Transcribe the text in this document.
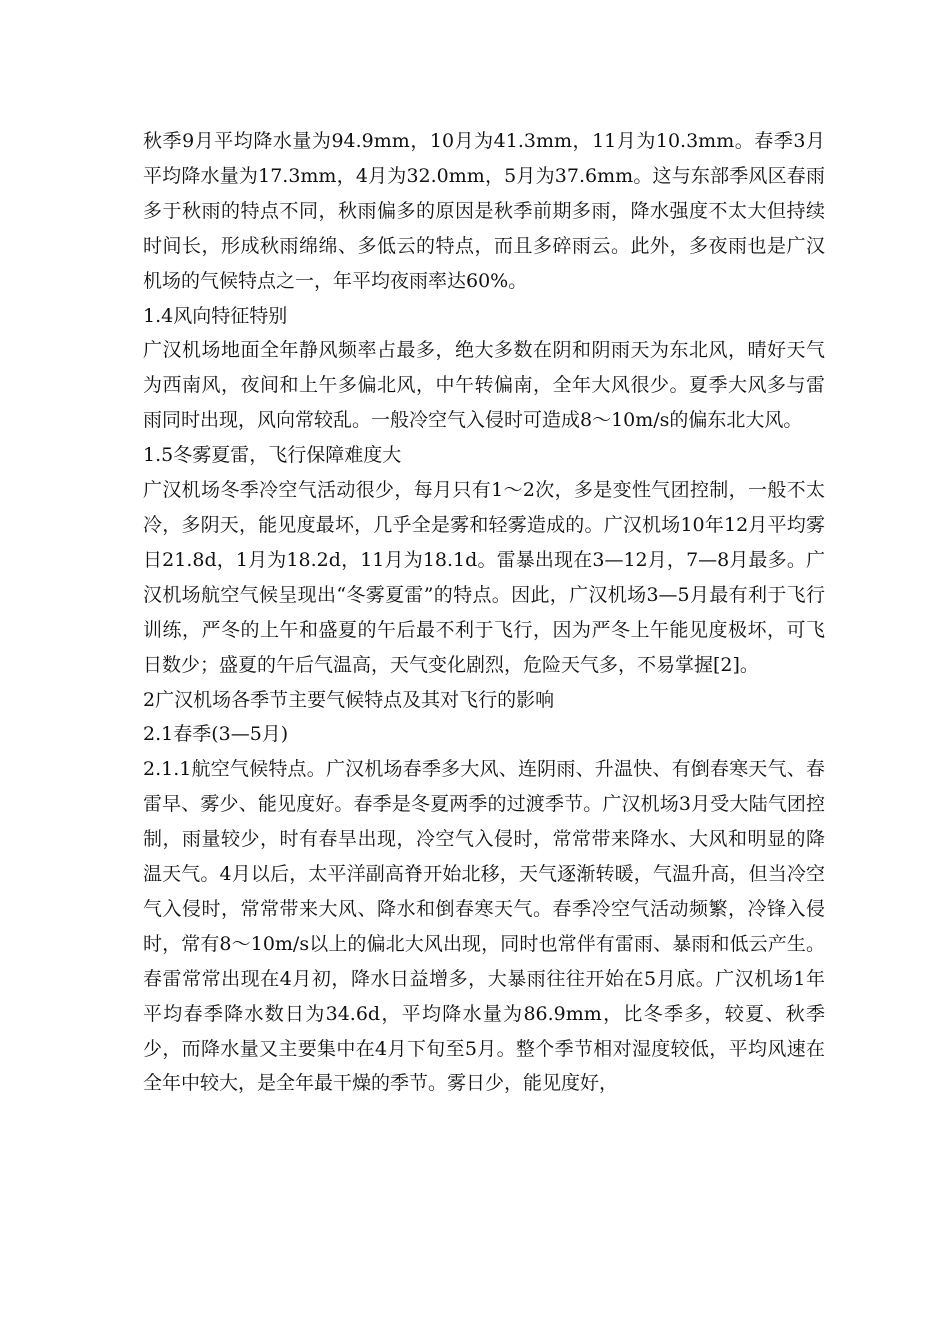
秋季9月平均降水量为94.9mm，10月为41.3mm，11月为10.3mm。春季3月平均降水量为17.3mm，4月为32.0mm，5月为37.6mm。这与东部季风区春雨多于秋雨的特点不同，秋雨偏多的原因是秋季前期多雨，降水强度不太大但持续时间长，形成秋雨绵绵、多低云的特点，而且多碎雨云。此外，多夜雨也是广汉机场的气候特点之一，年平均夜雨率达60%。

1.4风向特征特别

广汉机场地面全年静风频率占最多，绝大多数在阴和阴雨天为东北风，晴好天气为西南风，夜间和上午多偏北风，中午转偏南，全年大风很少。夏季大风多与雷雨同时出现，风向常较乱。一般冷空气入侵时可造成8～10m/s的偏东北大风。

1.5冬雾夏雷，飞行保障难度大

广汉机场冬季冷空气活动很少，每月只有1～2次，多是变性气团控制，一般不太冷，多阴天，能见度最坏，几乎全是雾和轻雾造成的。广汉机场10年12月平均雾日21.8d，1月为18.2d，11月为18.1d。雷暴出现在3—12月，7—8月最多。广汉机场航空气候呈现出“冬雾夏雷”的特点。因此，广汉机场3—5月最有利于飞行训练，严冬的上午和盛夏的午后最不利于飞行，因为严冬上午能见度极坏，可飞日数少；盛夏的午后气温高，天气变化剧烈，危险天气多，不易掌握[2]。

2广汉机场各季节主要气候特点及其对飞行的影响

2.1春季(3—5月)

2.1.1航空气候特点。广汉机场春季多大风、连阴雨、升温快、有倒春寒天气、春雷早、雾少、能见度好。春季是冬夏两季的过渡季节。广汉机场3月受大陆气团控制，雨量较少，时有春旱出现，冷空气入侵时，常常带来降水、大风和明显的降温天气。4月以后，太平洋副高脊开始北移，天气逐渐转暖，气温升高，但当冷空气入侵时，常常带来大风、降水和倒春寒天气。春季冷空气活动频繁，冷锋入侵时，常有8～10m/s以上的偏北大风出现，同时也常伴有雷雨、暴雨和低云产生。春雷常常出现在4月初，降水日益增多，大暴雨往往开始在5月底。广汉机场1年平均春季降水数日为34.6d，平均降水量为86.9mm，比冬季多，较夏、秋季少，而降水量又主要集中在4月下旬至5月。整个季节相对湿度较低，平均风速在全年中较大，是全年最干燥的季节。雾日少，能见度好，
